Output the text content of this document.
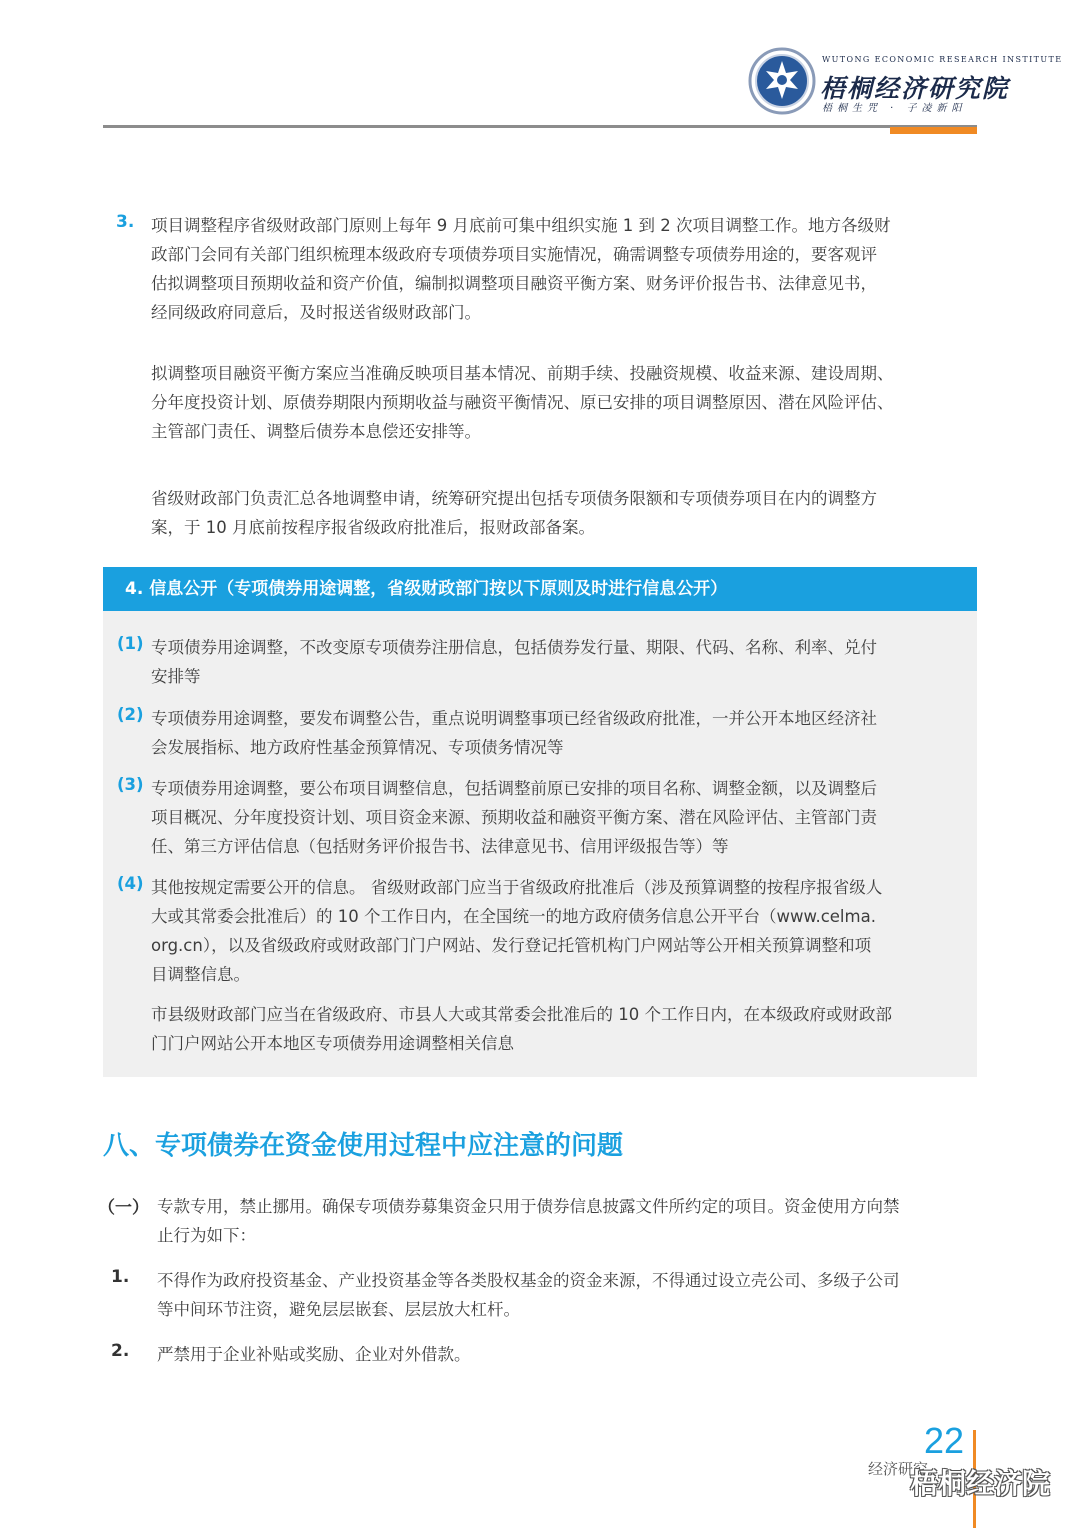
WUTONG ECONOMIC RESEARCH INSTITUTE
梧桐经济研究院
梧桐生咒 · 子凌新阳
3. 项目调整程序省级财政部门原则上每年 9 月底前可集中组织实施 1 到 2 次项目调整工作。地方各级财
政部门会同有关部门组织梳理本级政府专项债券项目实施情况，确需调整专项债券用途的，要客观评
估拟调整项目预期收益和资产价值，编制拟调整项目融资平衡方案、财务评价报告书、法律意见书，
经同级政府同意后，及时报送省级财政部门。
拟调整项目融资平衡方案应当准确反映项目基本情况、前期手续、投融资规模、收益来源、建设周期、
分年度投资计划、原债券期限内预期收益与融资平衡情况、原已安排的项目调整原因、潜在风险评估、
主管部门责任、调整后债券本息偿还安排等。
省级财政部门负责汇总各地调整申请，统筹研究提出包括专项债务限额和专项债券项目在内的调整方
案，于 10 月底前按程序报省级政府批准后，报财政部备案。
4. 信息公开（专项债券用途调整，省级财政部门按以下原则及时进行信息公开）
(1) 专项债券用途调整，不改变原专项债券注册信息，包括债券发行量、期限、代码、名称、利率、兑付
安排等
(2) 专项债券用途调整，要发布调整公告，重点说明调整事项已经省级政府批准，一并公开本地区经济社
会发展指标、地方政府性基金预算情况、专项债务情况等
(3) 专项债券用途调整，要公布项目调整信息，包括调整前原已安排的项目名称、调整金额，以及调整后
项目概况、分年度投资计划、项目资金来源、预期收益和融资平衡方案、潜在风险评估、主管部门责
任、第三方评估信息（包括财务评价报告书、法律意见书、信用评级报告等）等
(4) 其他按规定需要公开的信息。 省级财政部门应当于省级政府批准后（涉及预算调整的按程序报省级人
大或其常委会批准后）的 10 个工作日内，在全国统一的地方政府债务信息公开平台（www.celma.
org.cn），以及省级政府或财政部门门户网站、发行登记托管机构门户网站等公开相关预算调整和项
目调整信息。
市县级财政部门应当在省级政府、市县人大或其常委会批准后的 10 个工作日内，在本级政府或财政部
门门户网站公开本地区专项债券用途调整相关信息
八、专项债券在资金使用过程中应注意的问题
（一） 专款专用，禁止挪用。确保专项债券募集资金只用于债券信息披露文件所约定的项目。资金使用方向禁
止行为如下：
1. 不得作为政府投资基金、产业投资基金等各类股权基金的资金来源，不得通过设立壳公司、多级子公司
等中间环节注资，避免层层嵌套、层层放大杠杆。
2. 严禁用于企业补贴或奖励、企业对外借款。
22
经济研究
梧桐经济院
